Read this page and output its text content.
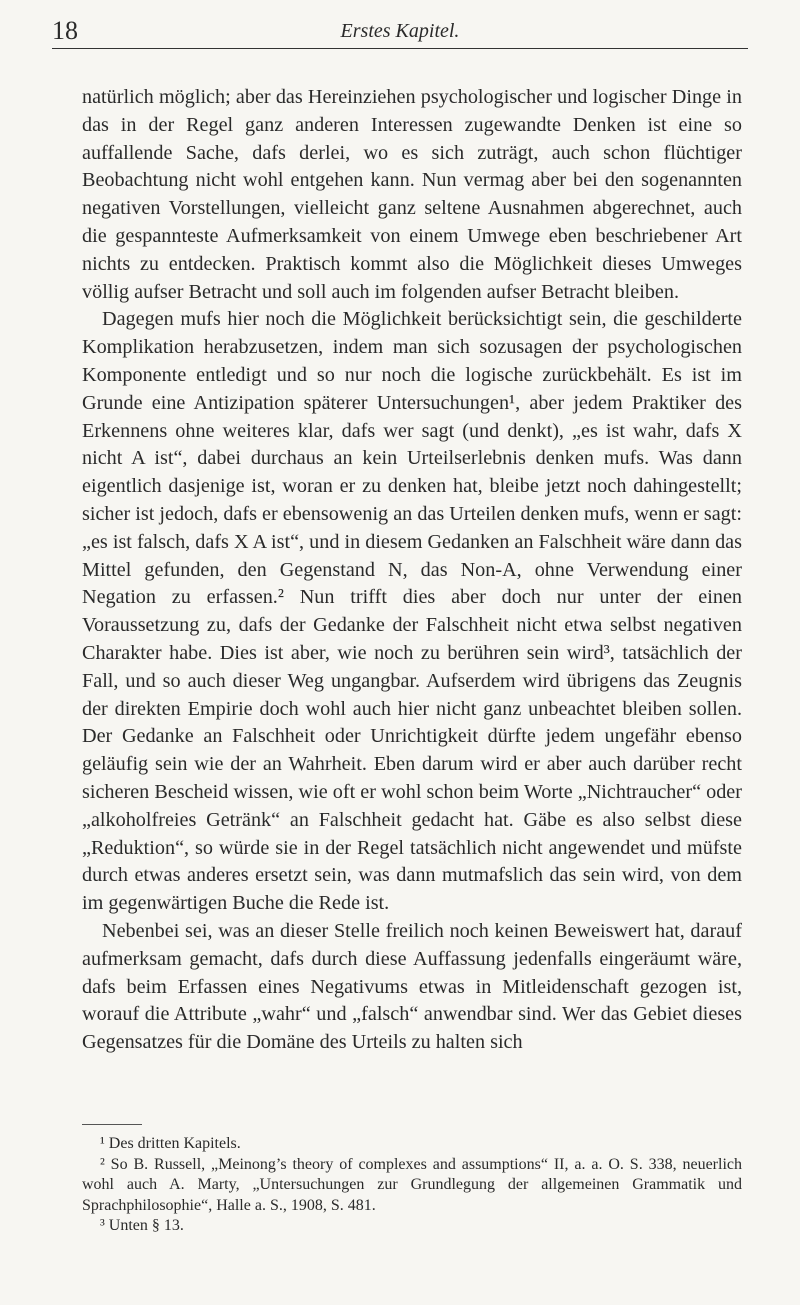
18	Erstes Kapitel.

natürlich möglich; aber das Hereinziehen psychologischer und logischer Dinge in das in der Regel ganz anderen Interessen zugewandte Denken ist eine so auffallende Sache, dafs derlei, wo es sich zuträgt, auch schon flüchtiger Beobachtung nicht wohl entgehen kann. Nun vermag aber bei den sogenannten negativen Vorstellungen, vielleicht ganz seltene Ausnahmen abgerechnet, auch die gespannteste Aufmerksamkeit von einem Umwege eben beschriebener Art nichts zu entdecken. Praktisch kommt also die Möglichkeit dieses Umweges völlig aufser Betracht und soll auch im folgenden aufser Betracht bleiben.

Dagegen mufs hier noch die Möglichkeit berücksichtigt sein, die geschilderte Komplikation herabzusetzen, indem man sich sozusagen der psychologischen Komponente entledigt und so nur noch die logische zurückbehält. Es ist im Grunde eine Antizipation späterer Untersuchungen¹, aber jedem Praktiker des Erkennens ohne weiteres klar, dafs wer sagt (und denkt), „es ist wahr, dafs X nicht A ist“, dabei durchaus an kein Urteilserlebnis denken mufs. Was dann eigentlich dasjenige ist, woran er zu denken hat, bleibe jetzt noch dahingestellt; sicher ist jedoch, dafs er ebensowenig an das Urteilen denken mufs, wenn er sagt: „es ist falsch, dafs X A ist“, und in diesem Gedanken an Falschheit wäre dann das Mittel gefunden, den Gegenstand N, das Non-A, ohne Verwendung einer Negation zu erfassen.² Nun trifft dies aber doch nur unter der einen Voraussetzung zu, dafs der Gedanke der Falschheit nicht etwa selbst negativen Charakter habe. Dies ist aber, wie noch zu berühren sein wird³, tatsächlich der Fall, und so auch dieser Weg ungangbar. Aufserdem wird übrigens das Zeugnis der direkten Empirie doch wohl auch hier nicht ganz unbeachtet bleiben sollen. Der Gedanke an Falschheit oder Unrichtigkeit dürfte jedem ungefähr ebenso geläufig sein wie der an Wahrheit. Eben darum wird er aber auch darüber recht sicheren Bescheid wissen, wie oft er wohl schon beim Worte „Nichtraucher“ oder „alkoholfreies Getränk“ an Falschheit gedacht hat. Gäbe es also selbst diese „Reduktion“, so würde sie in der Regel tatsächlich nicht angewendet und müfste durch etwas anderes ersetzt sein, was dann mutmafslich das sein wird, von dem im gegenwärtigen Buche die Rede ist.

Nebenbei sei, was an dieser Stelle freilich noch keinen Beweiswert hat, darauf aufmerksam gemacht, dafs durch diese Auffassung jedenfalls eingeräumt wäre, dafs beim Erfassen eines Negativums etwas in Mitleidenschaft gezogen ist, worauf die Attribute „wahr“ und „falsch“ anwendbar sind. Wer das Gebiet dieses Gegensatzes für die Domäne des Urteils zu halten sich

¹ Des dritten Kapitels.

² So B. Russell, „Meinong’s theory of complexes and assumptions“ II, a. a. O. S. 338, neuerlich wohl auch A. Marty, „Untersuchungen zur Grundlegung der allgemeinen Grammatik und Sprachphilosophie“, Halle a. S., 1908, S. 481.

³ Unten § 13.
